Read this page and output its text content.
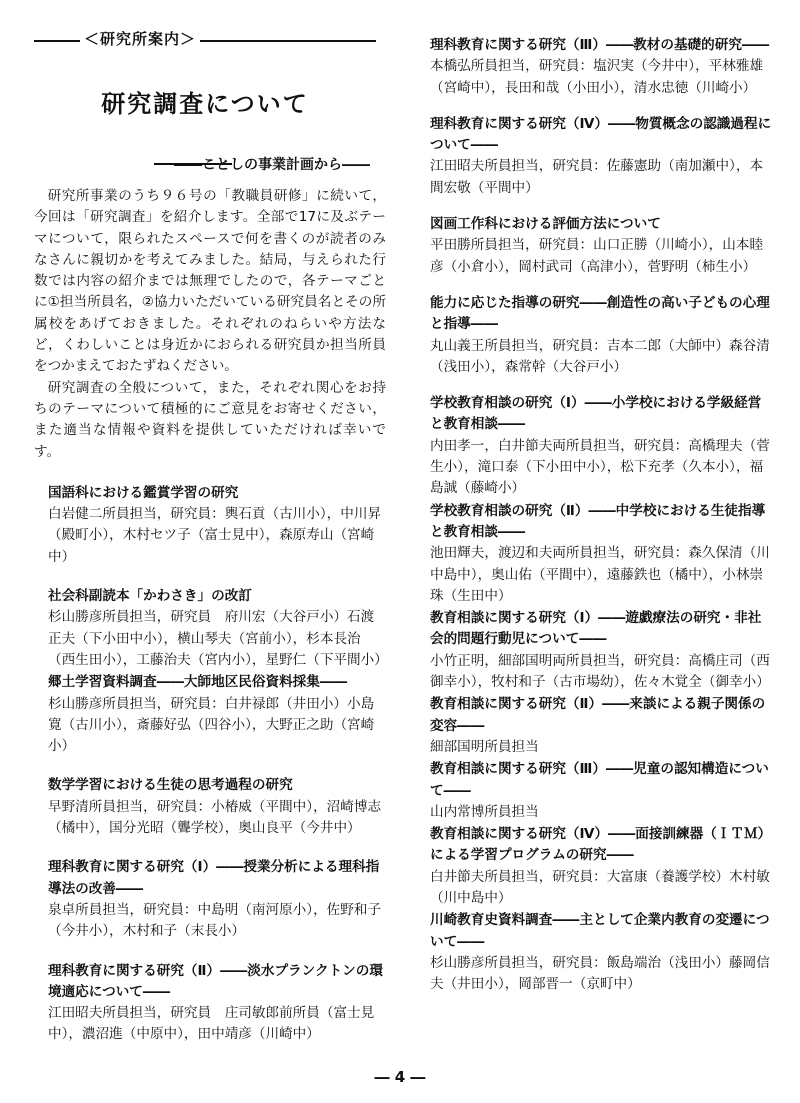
＜研究所案内＞
研究調査について
――ことしの事業計画から――

研究所事業のうち９６号の「教職員研修」に続いて，今回は「研究調査」を紹介します。全部で17に及ぶテーマについて，限られたスペースで何を書くのが読者のみなさんに親切かを考えてみました。結局，与えられた行数では内容の紹介までは無理でしたので，各テーマごとに①担当所員名，②協力いただいている研究員名とその所属校をあげておきました。それぞれのねらいや方法など，くわしいことは身近かにおられる研究員か担当所員をつかまえておたずねください。

研究調査の全般について，また，それぞれ関心をお持ちのテーマについて積極的にご意見をお寄せください，また適当な情報や資料を提供していただければ幸いです。

国語科における鑑賞学習の研究
白岩健二所員担当，研究員：輿石貢（古川小），中川昇（殿町小），木村セツ子（富士見中），森原寿山（宮崎中）
社会科副読本「かわさき」の改訂
杉山勝彦所員担当，研究員　府川宏（大谷戸小）石渡正夫（下小田中小），横山琴夫（宮前小），杉本長治（西生田小），工藤治夫（宮内小），星野仁（下平間小）
郷土学習資料調査――大師地区民俗資料採集――
杉山勝彦所員担当，研究員：白井禄郎（井田小）小島寛（古川小），斎藤好弘（四谷小），大野正之助（宮崎小）
数学学習における生徒の思考過程の研究
早野清所員担当，研究員：小椿威（平間中），沼崎博志（橘中），国分光昭（聾学校），奥山良平（今井中）
理科教育に関する研究（Ⅰ）――授業分析による理科指導法の改善――
泉卓所員担当，研究員：中島明（南河原小），佐野和子（今井小），木村和子（末長小）
理科教育に関する研究（Ⅱ）――淡水プランクトンの環境適応について――
江田昭夫所員担当，研究員　庄司敏郎前所員（富士見中），濃沼進（中原中），田中靖彦（川崎中）
理科教育に関する研究（Ⅲ）――教材の基礎的研究――
本橋弘所員担当，研究員：塩沢実（今井中），平林雅雄（宮崎中），長田和哉（小田小），清水忠徳（川崎小）
理科教育に関する研究（Ⅳ）――物質概念の認識過程について――
江田昭夫所員担当，研究員：佐藤憲助（南加瀬中），本間宏敬（平間中）
図画工作科における評価方法について
平田勝所員担当，研究員：山口正勝（川崎小），山本睦彦（小倉小），岡村武司（高津小），菅野明（柿生小）
能力に応じた指導の研究――創造性の高い子どもの心理と指導――
丸山義王所員担当，研究員：吉本二郎（大師中）森谷清（浅田小），森常幹（大谷戸小）
学校教育相談の研究（Ⅰ）――小学校における学級経営と教育相談――
内田孝一，白井節夫両所員担当，研究員：高橋理夫（菅生小），滝口泰（下小田中小），松下充孝（久本小），福島誠（藤崎小）
学校教育相談の研究（Ⅱ）――中学校における生徒指導と教育相談――
池田輝夫，渡辺和夫両所員担当，研究員：森久保清（川中島中），奥山佑（平間中），遠藤鉄也（橘中），小林崇珠（生田中）
教育相談に関する研究（Ⅰ）――遊戯療法の研究・非社会的問題行動児について――
小竹正明，細部国明両所員担当，研究員：高橋庄司（西御幸小），牧村和子（古市場幼），佐々木覚全（御幸小）
教育相談に関する研究（Ⅱ）――来談による親子関係の変容――
細部国明所員担当
教育相談に関する研究（Ⅲ）――児童の認知構造について――
山内常博所員担当
教育相談に関する研究（Ⅳ）――面接訓練器（ＩＴＭ）による学習プログラムの研究――
白井節夫所員担当，研究員：大富康（養護学校）木村敏（川中島中）
川崎教育史資料調査――主として企業内教育の変遷について――
杉山勝彦所員担当，研究員：飯島端治（浅田小）藤岡信夫（井田小），岡部晋一（京町中）
― 4 ―
